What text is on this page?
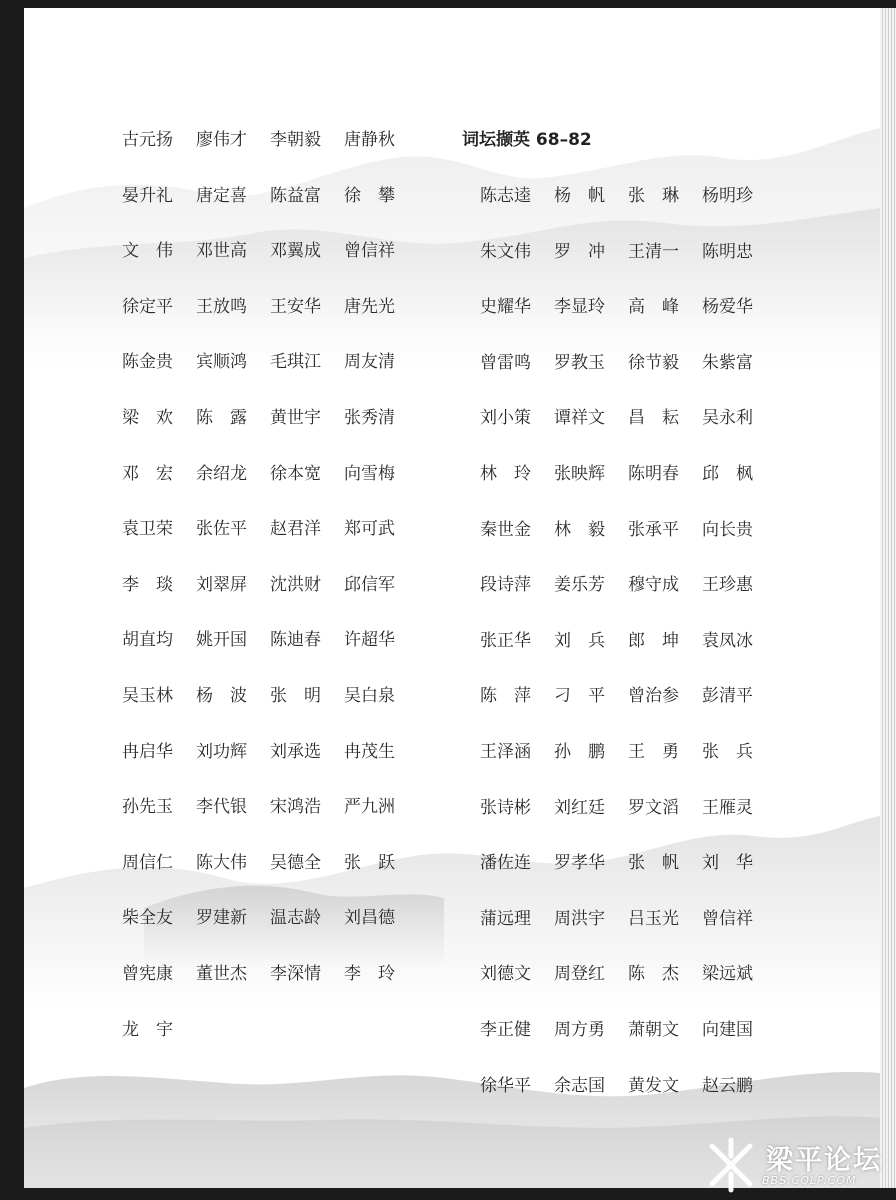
词坛撷英 68–82
古元扬 廖伟才 李朝毅 唐静秋
晏升礼 唐定喜 陈益富 徐　攀
文　伟 邓世高 邓翼成 曾信祥
徐定平 王放鸣 王安华 唐先光
陈金贵 宾顺鸿 毛琪江 周友清
梁　欢 陈　露 黄世宇 张秀清
邓　宏 余绍龙 徐本宽 向雪梅
袁卫荣 张佐平 赵君洋 郑可武
李　琰 刘翠屏 沈洪财 邱信军
胡直均 姚开国 陈迪春 许超华
吴玉林 杨　波 张　明 吴白泉
冉启华 刘功辉 刘承选 冉茂生
孙先玉 李代银 宋鸿浩 严九洲
周信仁 陈大伟 吴德全 张　跃
柴全友 罗建新 温志龄 刘昌德
曾宪康 董世杰 李深情 李　玲
龙　宇
陈志逵 杨　帆 张　琳 杨明珍
朱文伟 罗　冲 王清一 陈明忠
史耀华 李显玲 高　峰 杨爱华
曾雷鸣 罗教玉 徐节毅 朱紫富
刘小策 谭祥文 昌　耘 吴永利
林　玲 张映辉 陈明春 邱　枫
秦世金 林　毅 张承平 向长贵
段诗萍 姜乐芳 穆守成 王珍惠
张正华 刘　兵 郎　坤 袁凤冰
陈　萍 刁　平 曾治参 彭清平
王泽涵 孙　鹏 王　勇 张　兵
张诗彬 刘红廷 罗文滔 王雁灵
潘佐连 罗孝华 张　帆 刘　华
蒲远理 周洪宇 吕玉光 曾信祥
刘德文 周登红 陈　杰 梁远斌
李正健 周方勇 萧朝文 向建国
徐华平 余志国 黄发文 赵云鹏
梁平论坛
BBS.CQLP.COM
